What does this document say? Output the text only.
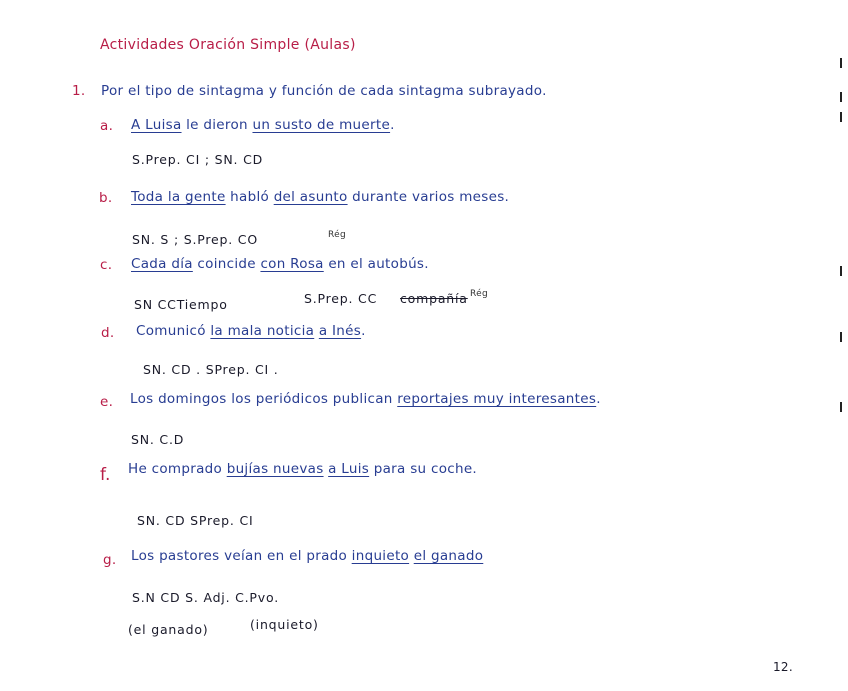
Actividades Oración Simple (Aulas)
1. Por el tipo de sintagma y función de cada sintagma subrayado.
a. A Luisa le dieron un susto de muerte.
S.Prep. CI ; SN. CD
b. Toda la gente habló del asunto durante varios meses.
SN. S ; S.Prep. CO	Rég
c. Cada día coincide con Rosa en el autobús.
SN CCTiempo	S.Prep. CC compañía Rég
d. Comunicó la mala noticia a Inés.
SN. CD . SPrep. CI .
e. Los domingos los periódicos publican reportajes muy interesantes.
SN. C.D
f. He comprado bujías nuevas a Luis para su coche.
SN. CD SPrep. CI
g. Los pastores veían en el prado inquieto el ganado
S.N CD S. Adj. C.Pvo.
(el ganado)	(inquieto)
12.
